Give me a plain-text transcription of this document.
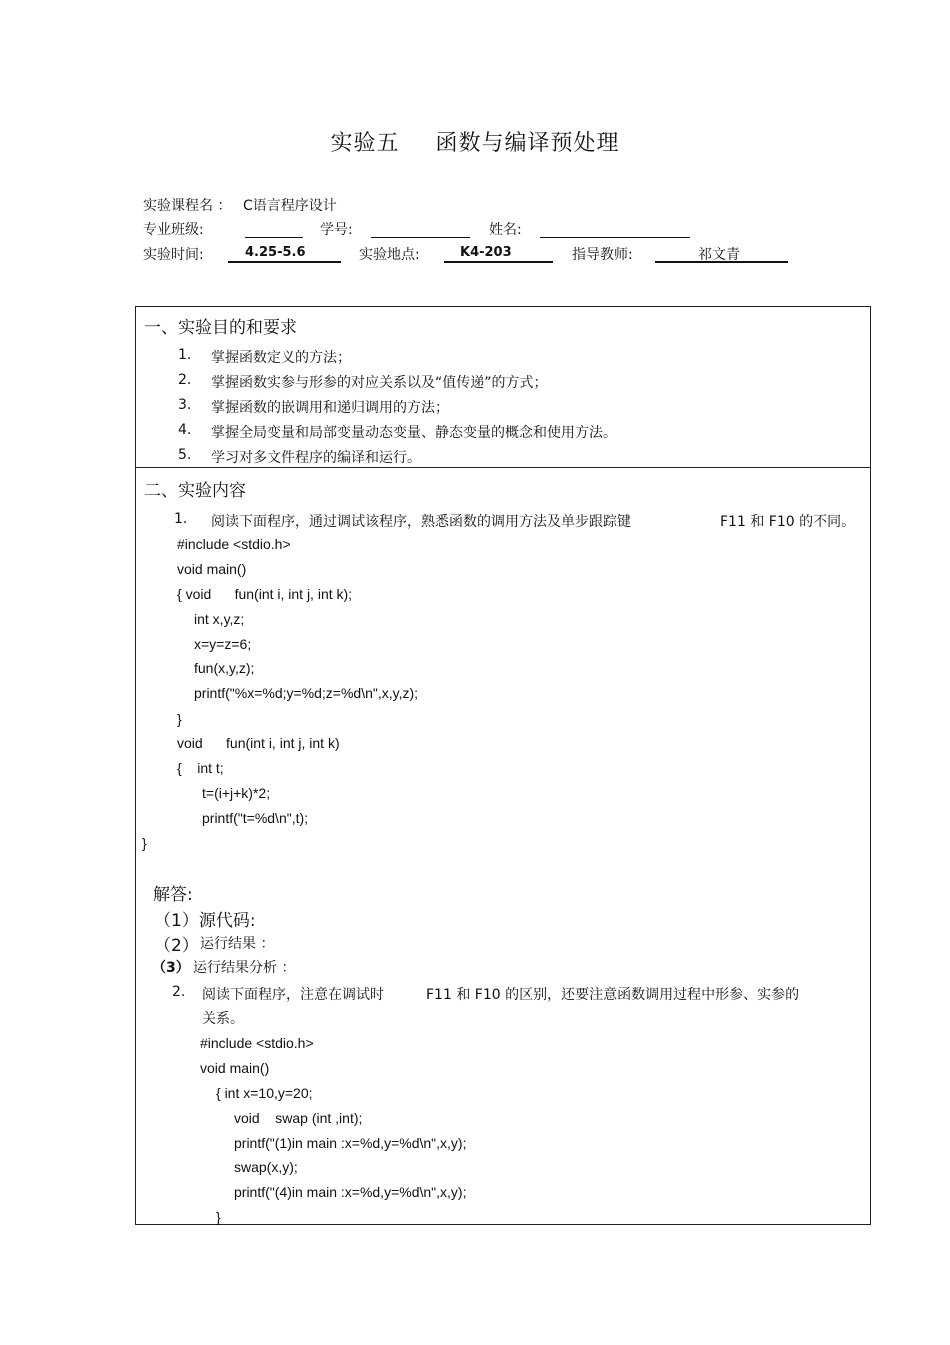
实验五 函数与编译预处理
实验课程名 ： C语言程序设计
专业班级:	学号:	姓名:
实验时间:	4.25-5.6	实验地点:	K4-203	指导教师:	祁文青
一、实验目的和要求
1. 掌握函数定义的方法；
2. 掌握函数实参与形参的对应关系以及“值传递”的方式；
3. 掌握函数的嵌调用和递归调用的方法；
4. 掌握全局变量和局部变量动态变量、静态变量的概念和使用方法。
5. 学习对多文件程序的编译和运行。
二、实验内容
1. 阅读下面程序，通过调试该程序，熟悉函数的调用方法及单步跟踪键	F11 和 F10 的不同。
#include <stdio.h>
void main()
{ void      fun(int i, int j, int k);
int x,y,z;
x=y=z=6;
fun(x,y,z);
printf("%x=%d;y=%d;z=%d\n",x,y,z);
}
void      fun(int i, int j, int k)
{    int t;
t=(i+j+k)*2;
printf("t=%d\n",t);
}
解答:
（1）源代码:
（2） 运行结果 ：
（3） 运行结果分析 ：
2. 阅读下面程序，注意在调试时	F11 和 F10 的区别，还要注意函数调用过程中形参、实参的
关系。
#include <stdio.h>
void main()
{ int x=10,y=20;
void    swap (int ,int);
printf("(1)in main :x=%d,y=%d\n",x,y);
swap(x,y);
printf("(4)in main :x=%d,y=%d\n",x,y);
}
